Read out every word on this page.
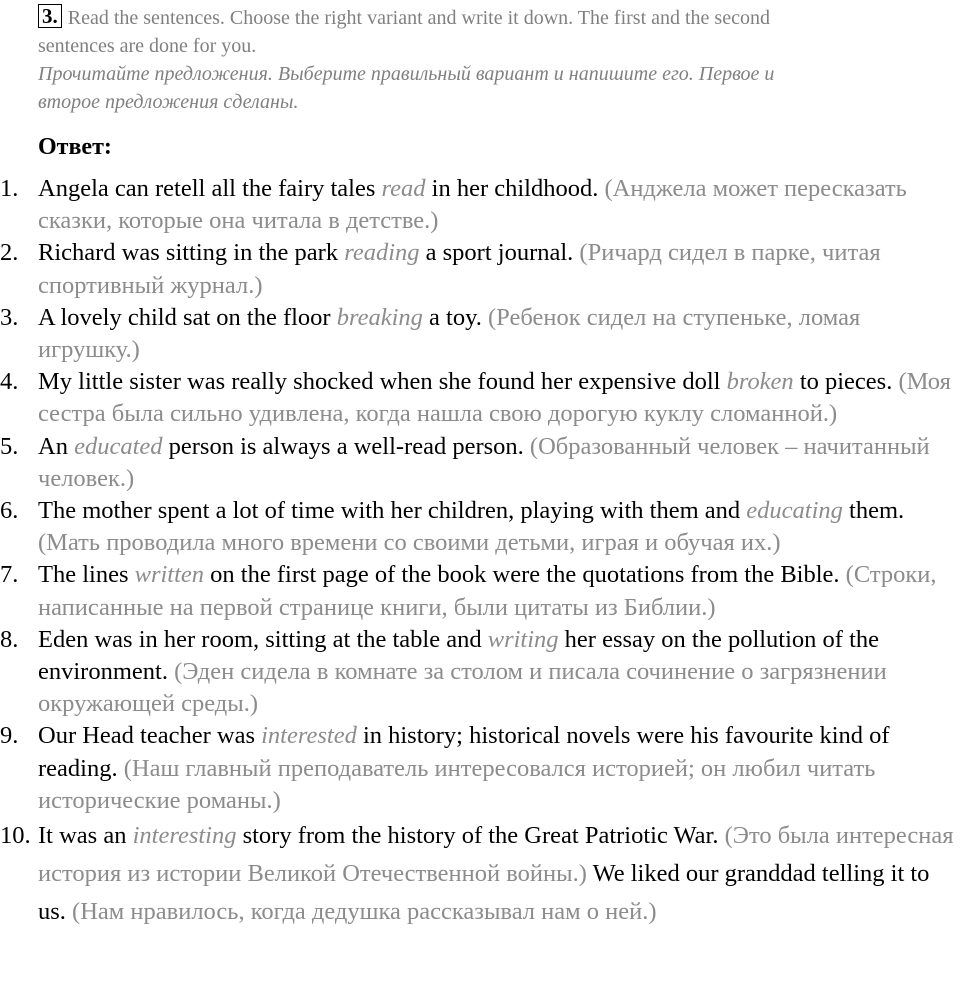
3. Read the sentences. Choose the right variant and write it down. The first and the second
sentences are done for you.
Прочитайте предложения. Выберите правильный вариант и напишите его. Первое и
второе предложения сделаны.
Ответ:
1. Angela can retell all the fairy tales read in her childhood. (Анджела может пересказать сказки, которые она читала в детстве.)
2. Richard was sitting in the park reading a sport journal. (Ричард сидел в парке, читая спортивный журнал.)
3. A lovely child sat on the floor breaking a toy. (Ребенок сидел на ступеньке, ломая игрушку.)
4. My little sister was really shocked when she found her expensive doll broken to pieces. (Моя сестра была сильно удивлена, когда нашла свою дорогую куклу сломанной.)
5. An educated person is always a well-read person. (Образованный человек – начитанный человек.)
6. The mother spent a lot of time with her children, playing with them and educating them. (Мать проводила много времени со своими детьми, играя и обучая их.)
7. The lines written on the first page of the book were the quotations from the Bible. (Строки, написанные на первой странице книги, были цитаты из Библии.)
8. Eden was in her room, sitting at the table and writing her essay on the pollution of the environment. (Эден сидела в комнате за столом и писала сочинение о загрязнении окружающей среды.)
9. Our Head teacher was interested in history; historical novels were his favourite kind of reading. (Наш главный преподаватель интересовался историей; он любил читать исторические романы.)
10. It was an interesting story from the history of the Great Patriotic War. (Это была интересная история из истории Великой Отечественной войны.) We liked our granddad telling it to us. (Нам нравилось, когда дедушка рассказывал нам о ней.)
